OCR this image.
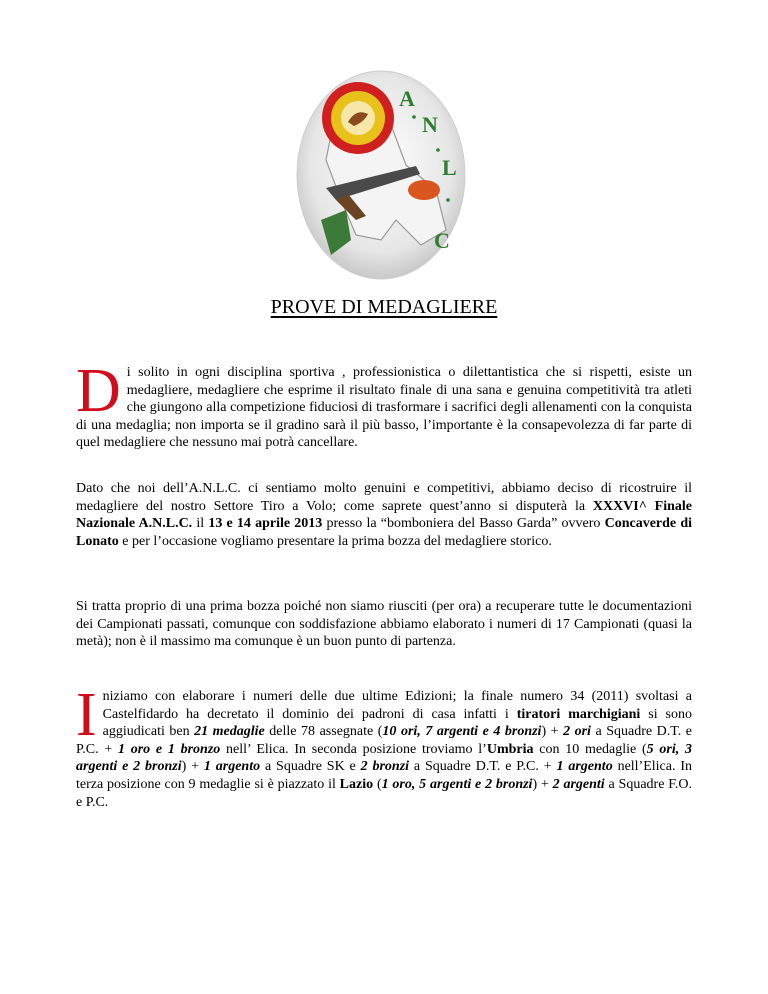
A
N
L
C
PROVE DI MEDAGLIERE

Di solito in ogni disciplina sportiva , professionistica o dilettantistica che si rispetti, esiste un medagliere, medagliere che esprime il risultato finale di una sana e genuina competitività tra atleti che giungono alla competizione fiduciosi di trasformare i sacrifici degli allenamenti con la conquista di una medaglia; non importa se il gradino sarà il più basso, l’importante è la consapevolezza di far parte di quel medagliere che nessuno mai potrà cancellare.

Dato che noi dell’A.N.L.C. ci sentiamo molto genuini e competitivi, abbiamo deciso di ricostruire il medagliere del nostro Settore Tiro a Volo; come saprete quest’anno si disputerà la XXXVI^ Finale Nazionale A.N.L.C. il 13 e 14 aprile 2013 presso la “bomboniera del Basso Garda” ovvero Concaverde di Lonato e per l’occasione vogliamo presentare la prima bozza del medagliere storico.

Si tratta proprio di una prima bozza poiché non siamo riusciti (per ora) a recuperare tutte le documentazioni dei Campionati passati, comunque con soddisfazione abbiamo elaborato i numeri di 17 Campionati (quasi la metà); non è il massimo ma comunque è un buon punto di partenza.

Iniziamo con elaborare i numeri delle due ultime Edizioni; la finale numero 34 (2011) svoltasi a Castelfidardo ha decretato il dominio dei padroni di casa infatti i tiratori marchigiani si sono aggiudicati ben 21 medaglie delle 78 assegnate (10 ori, 7 argenti e 4 bronzi) + 2 ori a Squadre D.T. e P.C. + 1 oro e 1 bronzo nell’ Elica. In seconda posizione troviamo l’Umbria con 10 medaglie (5 ori, 3 argenti e 2 bronzi) + 1 argento a Squadre SK e 2 bronzi a Squadre D.T. e P.C. + 1 argento nell’Elica. In terza posizione con 9 medaglie si è piazzato il Lazio (1 oro, 5 argenti e 2 bronzi) + 2 argenti a Squadre F.O. e P.C.
